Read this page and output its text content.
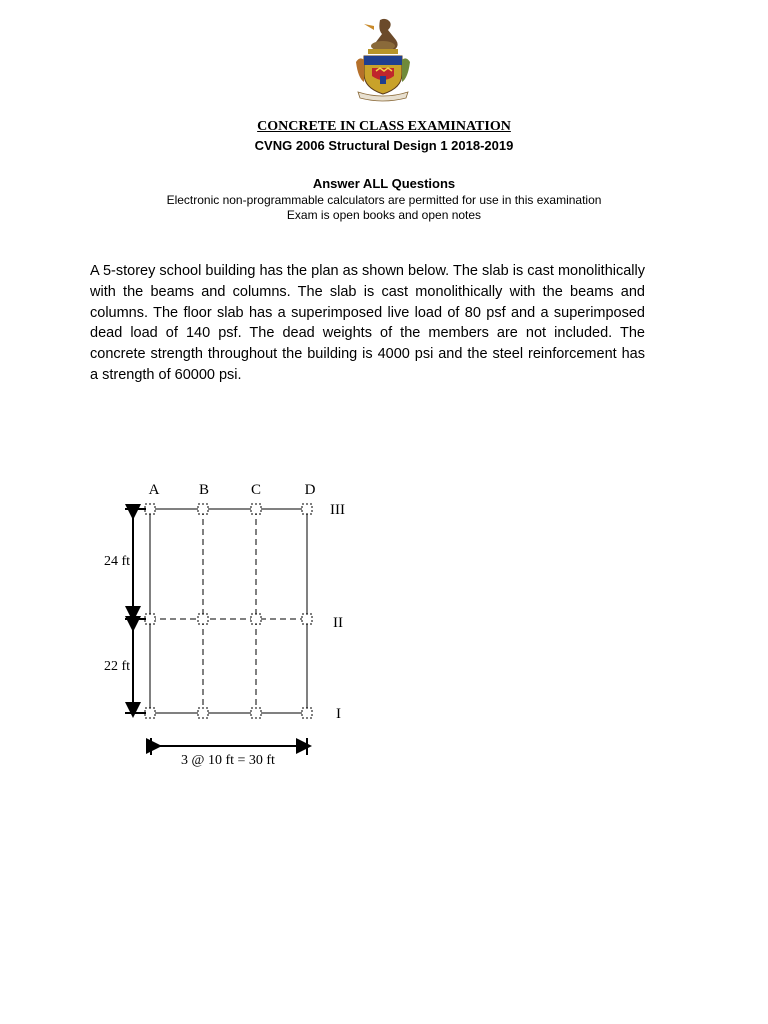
CONCRETE IN CLASS EXAMINATION
CVNG 2006 Structural Design 1 2018-2019
Answer ALL Questions
Electronic non-programmable calculators are permitted for use in this examination
Exam is open books and open notes

A 5-storey school building has the plan as shown below. The slab is cast monolithically with the beams and columns. The slab is cast monolithically with the beams and columns. The floor slab has a superimposed live load of 80 psf and a superimposed dead load of 140 psf. The dead weights of the members are not included. The concrete strength throughout the building is 4000 psi and the steel reinforcement has a strength of 60000 psi.

A	B	C	D
III
II
I
24 ft
22 ft
3 @ 10 ft = 30 ft
